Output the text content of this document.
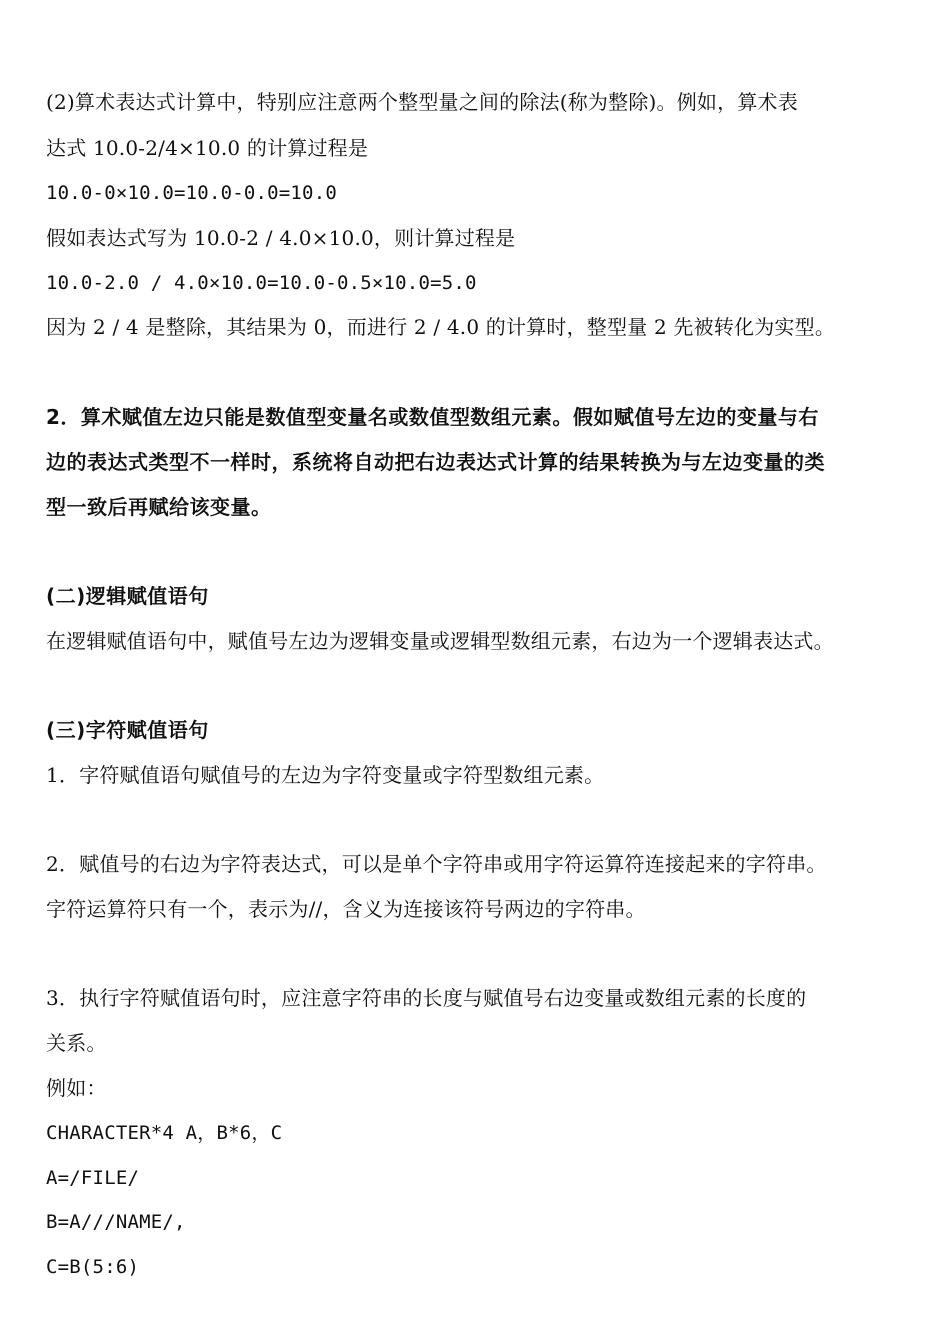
(2)算术表达式计算中，特别应注意两个整型量之间的除法(称为整除)。例如，算术表
达式 10.0-2/4×10.0 的计算过程是
10.0-0×10.0=10.0-0.0=10.0
假如表达式写为 10.0-2 / 4.0×10.0，则计算过程是
10.0-2.0 / 4.0×10.0=10.0-0.5×10.0=5.0
因为 2 / 4 是整除，其结果为 0，而进行 2 / 4.0 的计算时，整型量 2 先被转化为实型。
2．算术赋值左边只能是数值型变量名或数值型数组元素。假如赋值号左边的变量与右
边的表达式类型不一样时，系统将自动把右边表达式计算的结果转换为与左边变量的类
型一致后再赋给该变量。
(二)逻辑赋值语句
在逻辑赋值语句中，赋值号左边为逻辑变量或逻辑型数组元素，右边为一个逻辑表达式。
(三)字符赋值语句
1．字符赋值语句赋值号的左边为字符变量或字符型数组元素。
2．赋值号的右边为字符表达式，可以是单个字符串或用字符运算符连接起来的字符串。
字符运算符只有一个，表示为//，含义为连接该符号两边的字符串。
3．执行字符赋值语句时，应注意字符串的长度与赋值号右边变量或数组元素的长度的
关系。
例如：
CHARACTER*4 A，B*6，C
A=/FILE/
B=A///NAME/,
C=B(5:6)
